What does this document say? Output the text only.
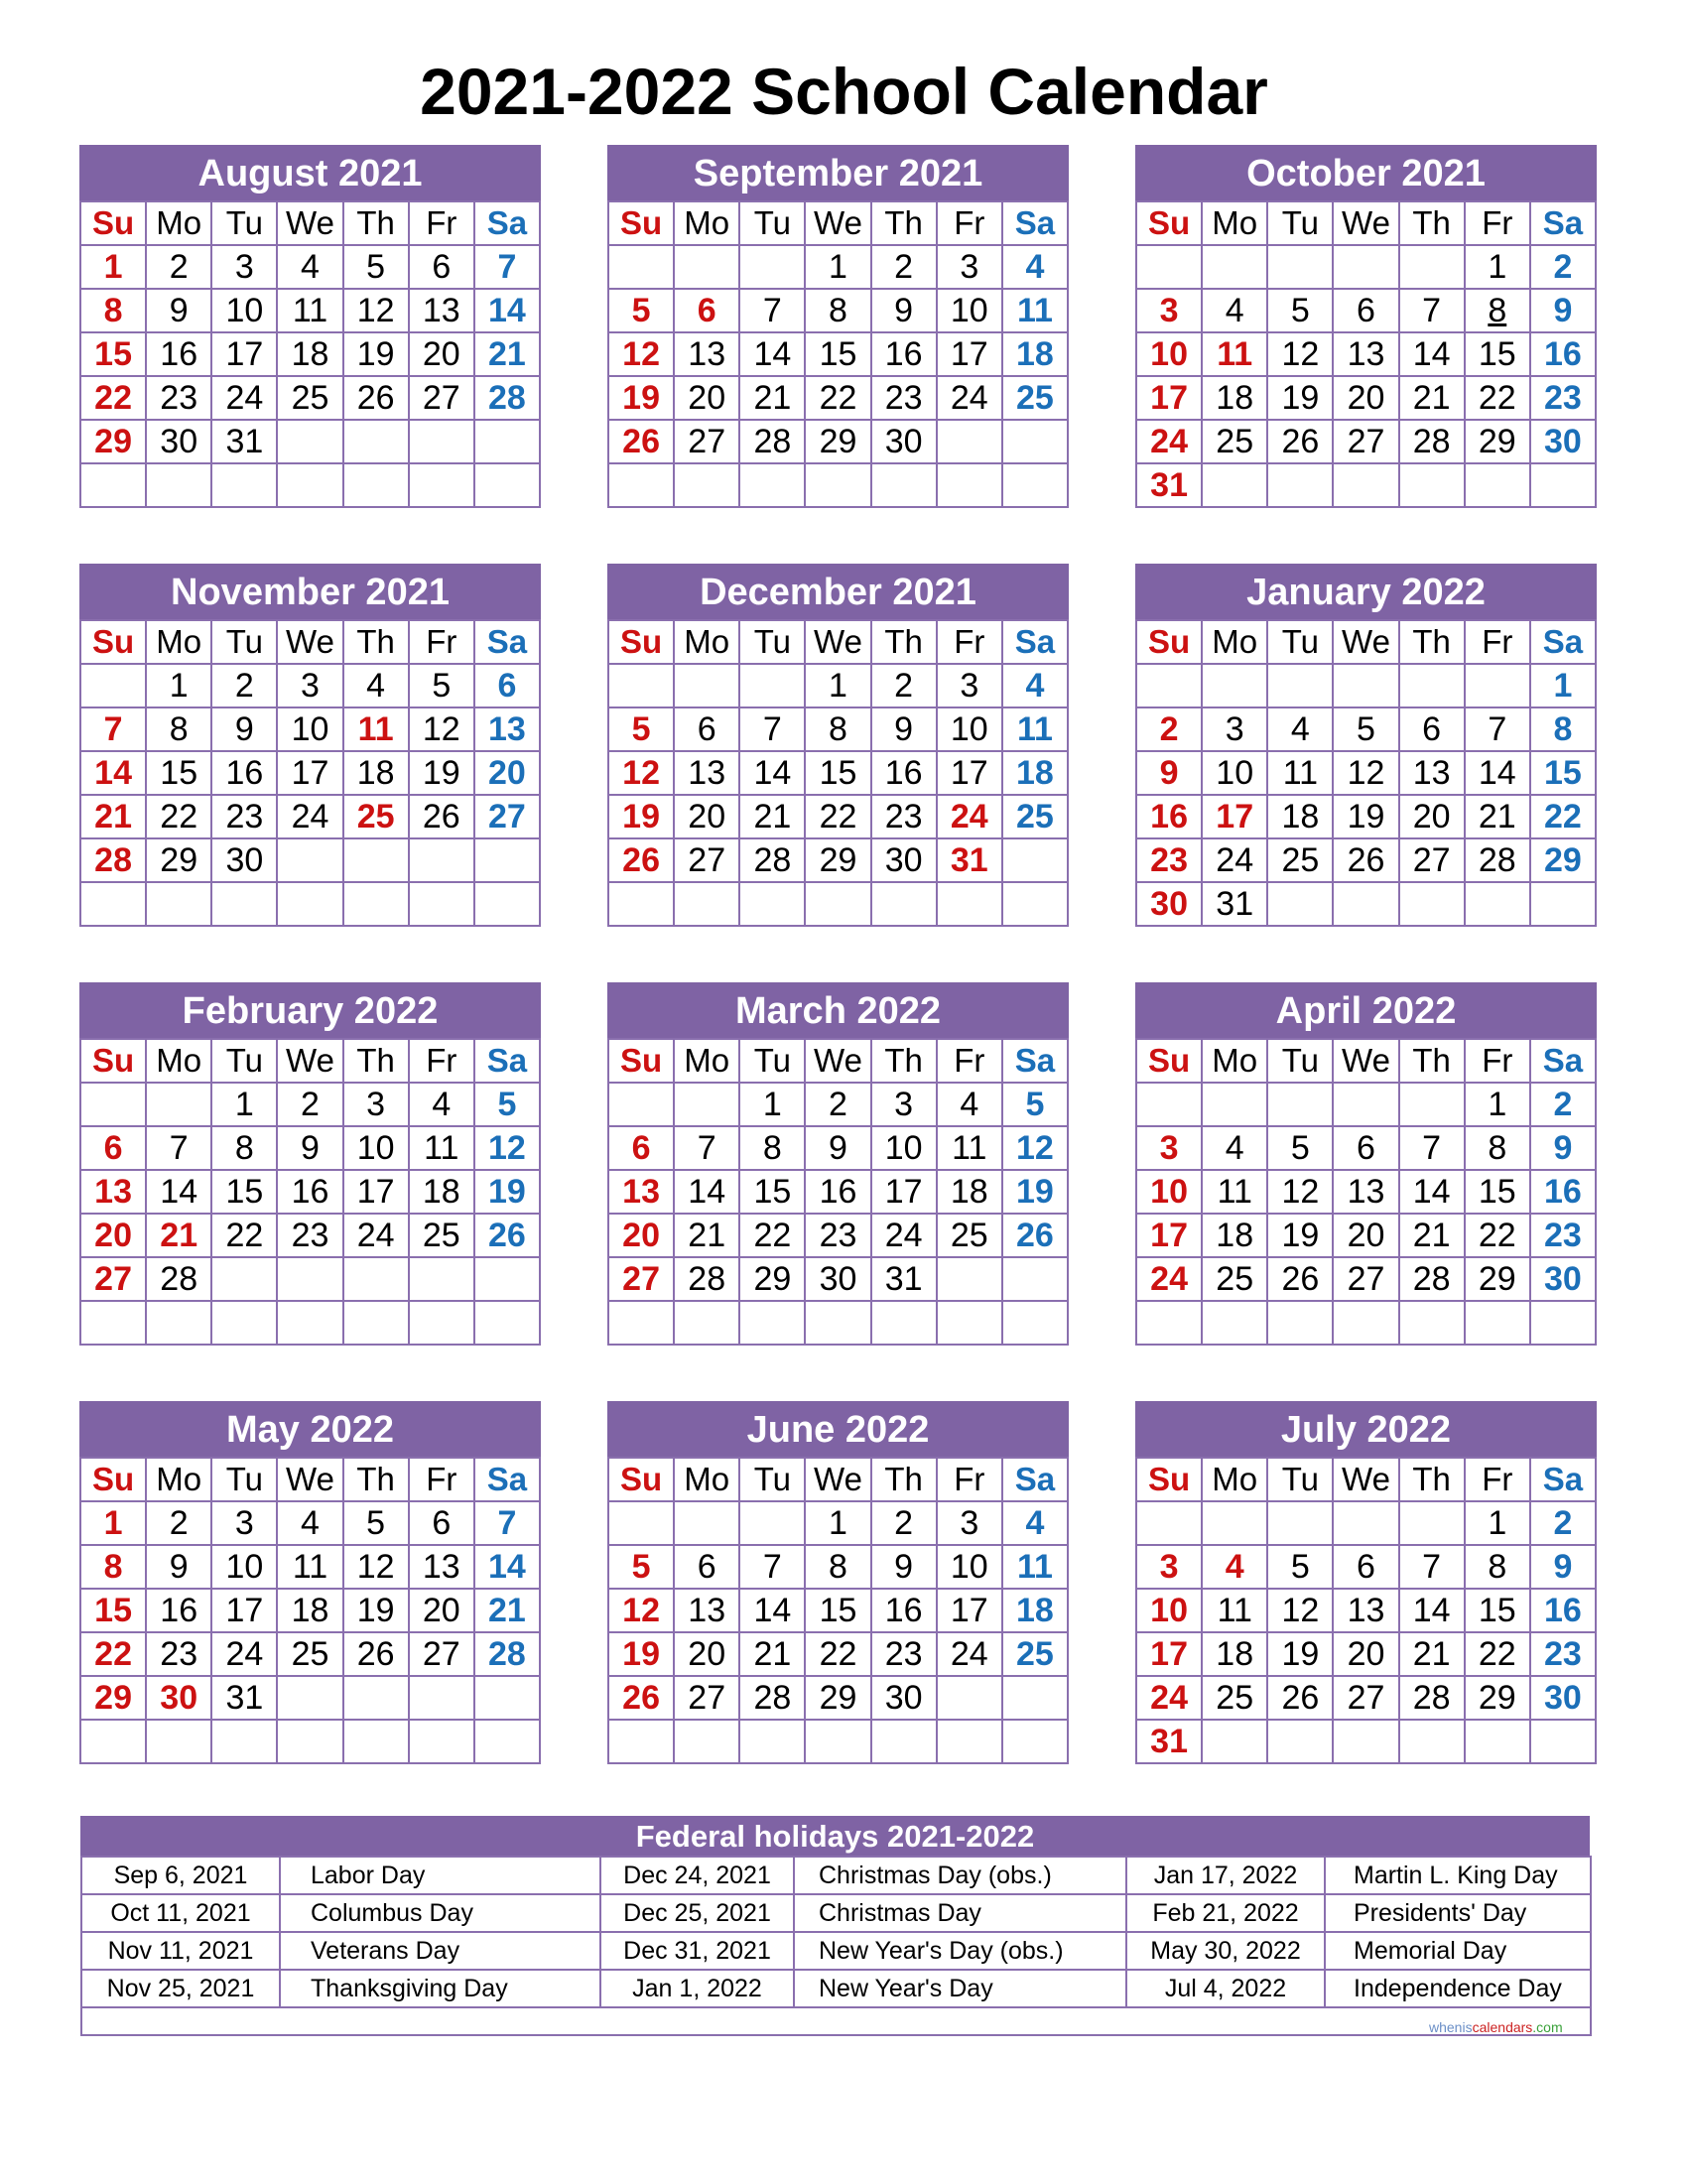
2021-2022 School Calendar
August 2021
Su	Mo	Tu	We	Th	Fr	Sa
1	2	3	4	5	6	7
8	9	10	11	12	13	14
15	16	17	18	19	20	21
22	23	24	25	26	27	28
29	30	31				

September 2021
Su	Mo	Tu	We	Th	Fr	Sa
			1	2	3	4
5	6	7	8	9	10	11
12	13	14	15	16	17	18
19	20	21	22	23	24	25
26	27	28	29	30		

October 2021
Su	Mo	Tu	We	Th	Fr	Sa
					1	2
3	4	5	6	7	8	9
10	11	12	13	14	15	16
17	18	19	20	21	22	23
24	25	26	27	28	29	30
31						
November 2021
Su	Mo	Tu	We	Th	Fr	Sa
	1	2	3	4	5	6
7	8	9	10	11	12	13
14	15	16	17	18	19	20
21	22	23	24	25	26	27
28	29	30				

December 2021
Su	Mo	Tu	We	Th	Fr	Sa
			1	2	3	4
5	6	7	8	9	10	11
12	13	14	15	16	17	18
19	20	21	22	23	24	25
26	27	28	29	30	31	

January 2022
Su	Mo	Tu	We	Th	Fr	Sa
						1
2	3	4	5	6	7	8
9	10	11	12	13	14	15
16	17	18	19	20	21	22
23	24	25	26	27	28	29
30	31					
February 2022
Su	Mo	Tu	We	Th	Fr	Sa
		1	2	3	4	5
6	7	8	9	10	11	12
13	14	15	16	17	18	19
20	21	22	23	24	25	26
27	28					

March 2022
Su	Mo	Tu	We	Th	Fr	Sa
		1	2	3	4	5
6	7	8	9	10	11	12
13	14	15	16	17	18	19
20	21	22	23	24	25	26
27	28	29	30	31		

April 2022
Su	Mo	Tu	We	Th	Fr	Sa
					1	2
3	4	5	6	7	8	9
10	11	12	13	14	15	16
17	18	19	20	21	22	23
24	25	26	27	28	29	30

May 2022
Su	Mo	Tu	We	Th	Fr	Sa
1	2	3	4	5	6	7
8	9	10	11	12	13	14
15	16	17	18	19	20	21
22	23	24	25	26	27	28
29	30	31				

June 2022
Su	Mo	Tu	We	Th	Fr	Sa
			1	2	3	4
5	6	7	8	9	10	11
12	13	14	15	16	17	18
19	20	21	22	23	24	25
26	27	28	29	30		

July 2022
Su	Mo	Tu	We	Th	Fr	Sa
					1	2
3	4	5	6	7	8	9
10	11	12	13	14	15	16
17	18	19	20	21	22	23
24	25	26	27	28	29	30
31						
Federal holidays 2021-2022
Sep 6, 2021	Labor Day	Dec 24, 2021	Christmas Day (obs.)	Jan 17, 2022	Martin L. King Day
Oct 11, 2021	Columbus Day	Dec 25, 2021	Christmas Day	Feb 21, 2022	Presidents' Day
Nov 11, 2021	Veterans Day	Dec 31, 2021	New Year's Day (obs.)	May 30, 2022	Memorial Day
Nov 25, 2021	Thanksgiving Day	Jan 1, 2022	New Year's Day	Jul 4, 2022	Independence Day

wheniscalendars.com
